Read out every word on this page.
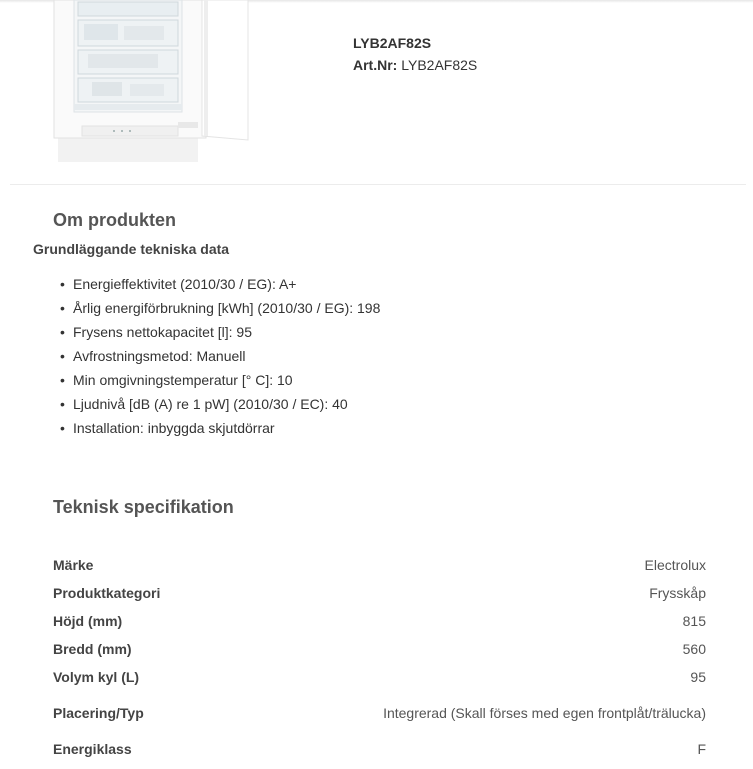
LYB2AF82S
Art.Nr: LYB2AF82S
Om produkten
Grundläggande tekniska data
• Energieffektivitet (2010/30 / EG): A+
• Årlig energiförbrukning [kWh] (2010/30 / EG): 198
• Frysens nettokapacitet [l]: 95
• Avfrostningsmetod: Manuell
• Min omgivningstemperatur [° C]: 10
• Ljudnivå [dB (A) re 1 pW] (2010/30 / EC): 40
• Installation: inbyggda skjutdörrar
Teknisk specifikation
Märke	Electrolux
Produktkategori	Frysskåp
Höjd (mm)	815
Bredd (mm)	560
Volym kyl (L)	95
Placering/Typ	Integrerad (Skall förses med egen frontplåt/trälucka)
Energiklass	F
